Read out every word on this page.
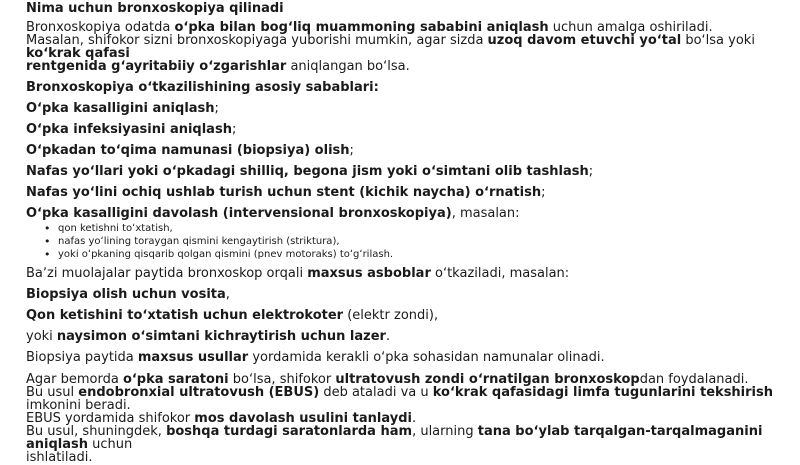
Nima uchun bronxoskopiya qilinadi

Bronxoskopiya odatda oʻpka bilan bogʻliq muammoning sababini aniqlash uchun amalga oshiriladi.
Masalan, shifokor sizni bronxoskopiyaga yuborishi mumkin, agar sizda uzoq davom etuvchi yoʻtal boʻlsa yoki koʻkrak qafasi
rentgenida gʻayritabiiy oʻzgarishlar aniqlangan boʻlsa.

Bronxoskopiya oʻtkazilishining asosiy sabablari:

Oʻpka kasalligini aniqlash;

Oʻpka infeksiyasini aniqlash;

Oʻpkadan toʻqima namunasi (biopsiya) olish;

Nafas yoʻllari yoki oʻpkadagi shilliq, begona jism yoki oʻsimtani olib tashlash;

Nafas yoʻlini ochiq ushlab turish uchun stent (kichik naycha) oʻrnatish;

Oʻpka kasalligini davolash (intervensional bronxoskopiya), masalan:

• qon ketishni toʻxtatish,
• nafas yoʻlining toraygan qismini kengaytirish (striktura),
• yoki oʻpkaning qisqarib qolgan qismini (pnev motoraks) toʻgʻrilash.

Baʼzi muolajalar paytida bronxoskop orqali maxsus asboblar oʻtkaziladi, masalan:

Biopsiya olish uchun vosita,

Qon ketishini toʻxtatish uchun elektrokoter (elektr zondi),

yoki naysimon oʻsimtani kichraytirish uchun lazer.

Biopsiya paytida maxsus usullar yordamida kerakli oʻpka sohasidan namunalar olinadi.

Agar bemorda oʻpka saratoni boʻlsa, shifokor ultratovush zondi oʻrnatilgan bronxoskopdan foydalanadi.
Bu usul endobronxial ultratovush (EBUS) deb ataladi va u koʻkrak qafasidagi limfa tugunlarini tekshirish imkonini beradi.
EBUS yordamida shifokor mos davolash usulini tanlaydi.
Bu usul, shuningdek, boshqa turdagi saratonlarda ham, ularning tana boʻylab tarqalgan-tarqalmaganini aniqlash uchun
ishlatiladi.
